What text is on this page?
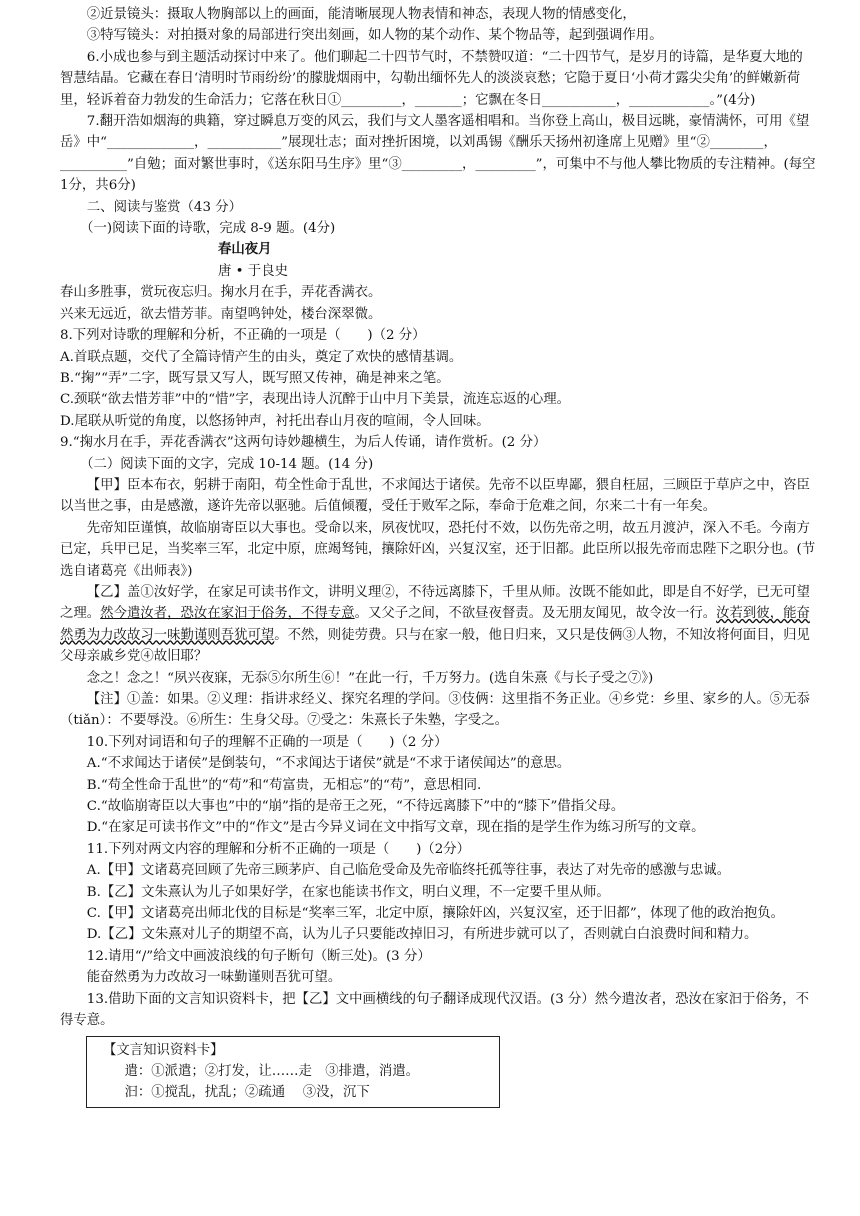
②近景镜头：摄取人物胸部以上的画面，能清晰展现人物表情和神态，表现人物的情感变化，

③特写镜头：对拍摄对象的局部进行突出刻画，如人物的某个动作、某个物品等，起到强调作用。

6.小成也参与到主题活动探讨中来了。他们聊起二十四节气时，不禁赞叹道：“二十四节气，是岁月的诗篇，是华夏大地的智慧结晶。它藏在春日‘清明时节雨纷纷’的朦胧烟雨中，勾勒出缅怀先人的淡淡哀愁；它隐于夏日‘小荷才露尖尖角’的鲜嫩新荷里，轻诉着奋力勃发的生命活力；它落在秋日①_________，_______；它飘在冬日___________，____________。”(4分)

7.翻开浩如烟海的典籍，穿过瞬息万变的风云，我们与文人墨客遥相唱和。当你登上高山，极目远眺，豪情满怀，可用《望岳》中“_____________，___________”展现壮志；面对挫折困境，以刘禹锡《酬乐天扬州初逢席上见赠》里“②________，__________”自勉；面对繁世事时，《送东阳马生序》里“③_________，_________”，可集中不与他人攀比物质的专注精神。(每空1分，共6分)

二、阅读与鉴赏（43 分）

（一)阅读下面的诗歌，完成 8-9 题。(4分)

春山夜月

唐 • 于良史

春山多胜事，赏玩夜忘归。掬水月在手，弄花香满衣。

兴来无远近，欲去惜芳菲。南望鸣钟处，楼台深翠微。

8.下列对诗歌的理解和分析，不正确的一项是（　　)（2 分）

A.首联点题，交代了全篇诗情产生的由头，奠定了欢快的感情基调。

B.“掬”“弄”二字，既写景又写人，既写照又传神，确是神来之笔。

C.颈联“欲去惜芳菲”中的“惜”字，表现出诗人沉醉于山中月下美景，流连忘返的心理。

D.尾联从听觉的角度，以悠扬钟声，衬托出春山月夜的喧闹，令人回味。

9.“掬水月在手，弄花香满衣”这两句诗妙趣横生，为后人传诵，请作赏析。(2 分）

（二）阅读下面的文字，完成 10-14 题。(14 分)

【甲】臣本布衣，躬耕于南阳，苟全性命于乱世，不求闻达于诸侯。先帝不以臣卑鄙，猥自枉屈，三顾臣于草庐之中，咨臣以当世之事，由是感激，遂许先帝以驱驰。后值倾覆，受任于败军之际，奉命于危难之间，尔来二十有一年矣。

先帝知臣谨慎，故临崩寄臣以大事也。受命以来，夙夜忧叹，恐托付不效，以伤先帝之明，故五月渡泸，深入不毛。今南方已定，兵甲已足，当奖率三军，北定中原，庶竭驽钝，攘除奸凶，兴复汉室，还于旧都。此臣所以报先帝而忠陛下之职分也。(节选自诸葛亮《出师表》)

【乙】盖①汝好学，在家足可读书作文，讲明义理②，不待远离膝下，千里从师。汝既不能如此，即是自不好学，已无可望之理。然今遣汝者，恐汝在家汩于俗务，不得专意。又父子之间，不欲昼夜督责。及无朋友闻见，故令汝一行。汝若到彼，能奋然勇为力改故习一味勤谨则吾犹可望。不然，则徒劳费。只与在家一般，他日归来，又只是伎俩③人物，不知汝将何面目，归见父母亲戚乡党④故旧耶？

念之！念之！“夙兴夜寐，无忝⑤尔所生⑥！”在此一行，千万努力。(选自朱熹《与长子受之⑦》)

【注】①盖：如果。②义理：指讲求经义、探究名理的学问。③伎俩：这里指不务正业。④乡党：乡里、家乡的人。⑤无忝（tiǎn）：不要辱没。⑥所生：生身父母。⑦受之：朱熹长子朱塾，字受之。

10.下列对词语和句子的理解不正确的一项是（　　)（2 分）

A.“不求闻达于诸侯”是倒装句，“不求闻达于诸侯”就是“不求于诸侯闻达”的意思。

B.“苟全性命于乱世”的“苟”和“苟富贵，无相忘”的“苟”，意思相同.

C.“故临崩寄臣以大事也”中的“崩”指的是帝王之死，“不待远离膝下”中的“膝下”借指父母。

D.“在家足可读书作文”中的“作文”是古今异义词在文中指写文章，现在指的是学生作为练习所写的文章。

11.下列对两文内容的理解和分析不正确的一项是（　　)（2分）

A.【甲】文诸葛亮回顾了先帝三顾茅庐、自己临危受命及先帝临终托孤等往事，表达了对先帝的感激与忠诚。

B.【乙】文朱熹认为儿子如果好学，在家也能读书作文，明白义理，不一定要千里从师。

C.【甲】文诸葛亮出师北伐的目标是“奖率三军，北定中原，攘除奸凶，兴复汉室，还于旧都”，体现了他的政治抱负。

D.【乙】文朱熹对儿子的期望不高，认为儿子只要能改掉旧习，有所进步就可以了，否则就白白浪费时间和精力。

12.请用“/”给文中画波浪线的句子断句（断三处)。(3 分）

能奋然勇为力改故习一味勤谨则吾犹可望。

13.借助下面的文言知识资料卡，把【乙】文中画横线的句子翻译成现代汉语。(3 分）然今遣汝者，恐汝在家汩于俗务，不得专意。

【文言知识资料卡】

遣：①派遣；②打发，让……走　③排遣，消遣。

汩：①搅乱，扰乱；②疏通　 ③没，沉下
